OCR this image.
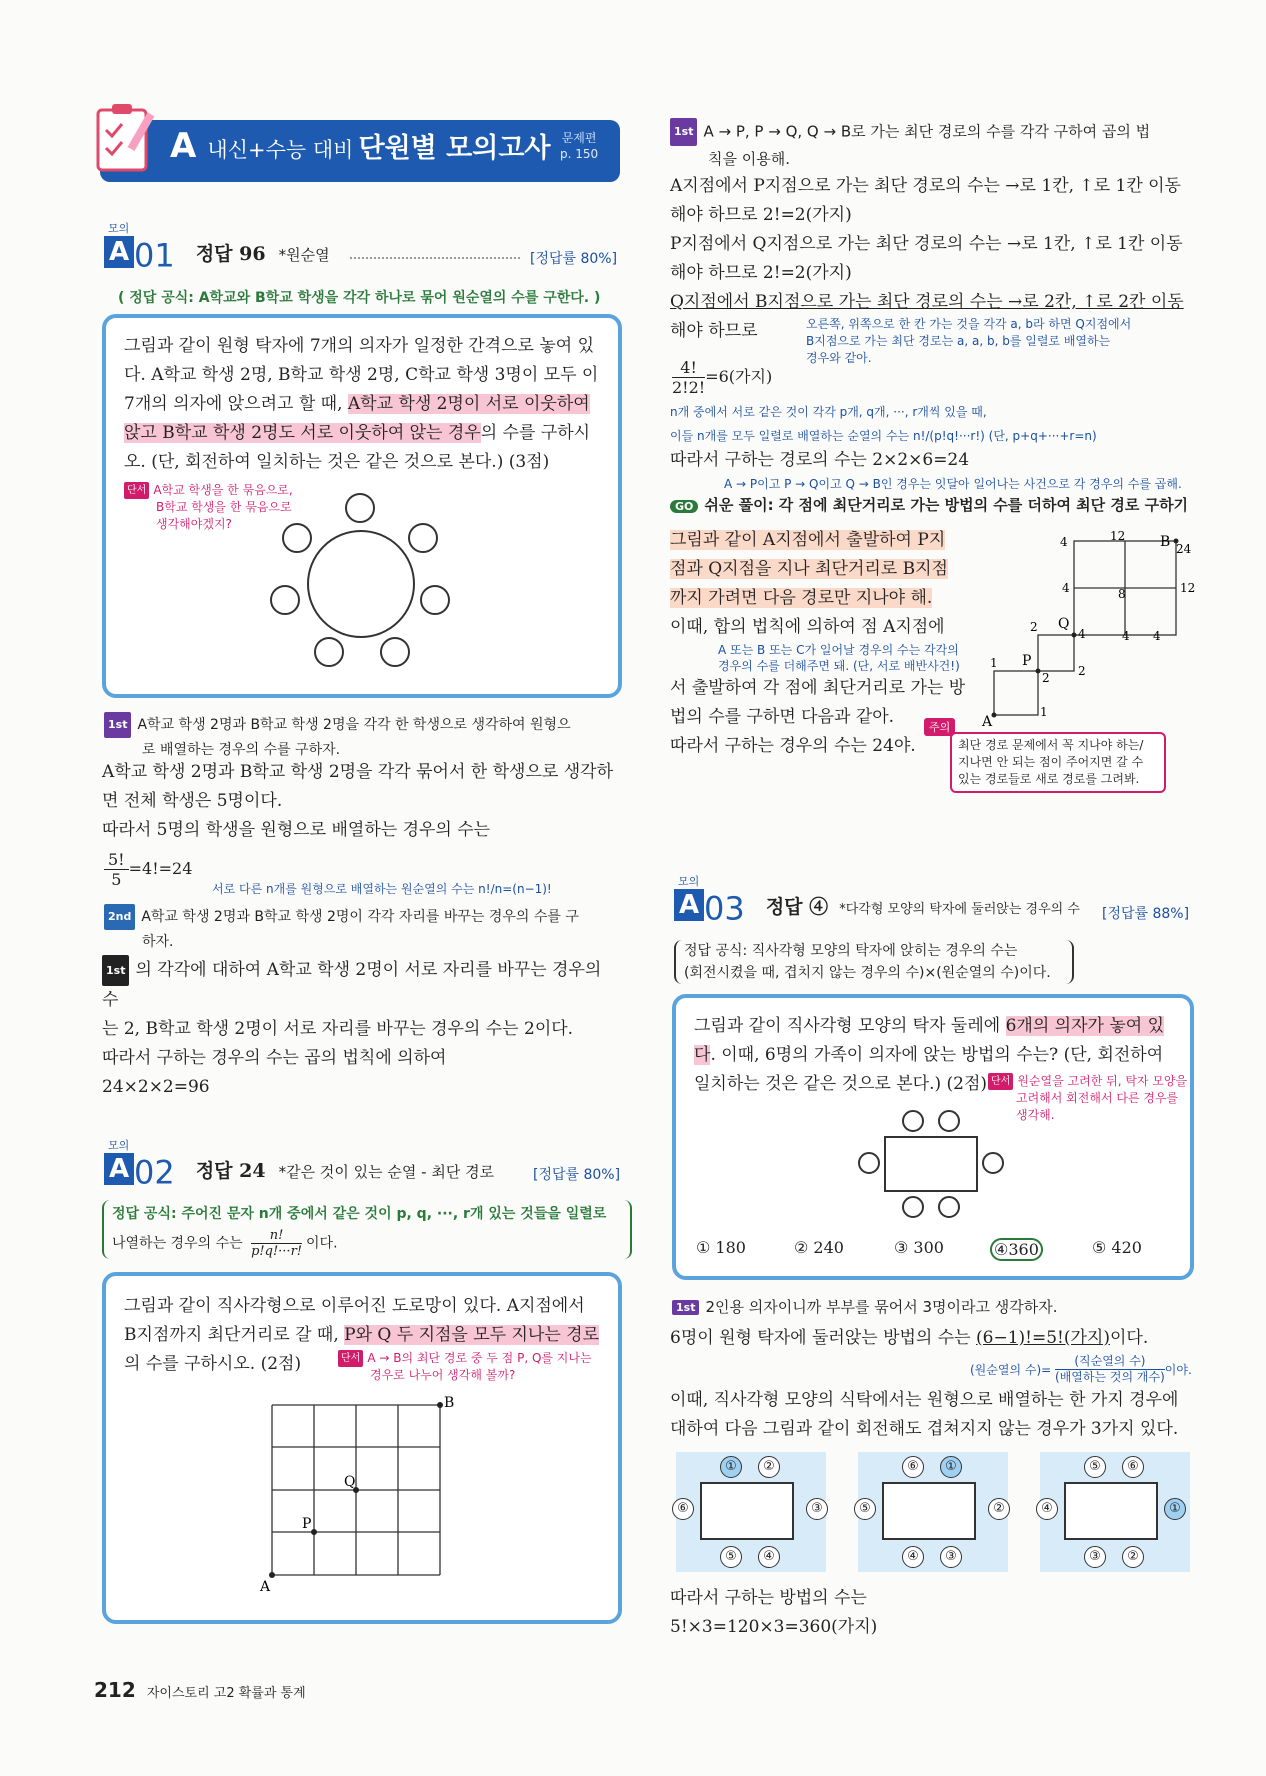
A 내신+수능 대비 단원별 모의고사 문제편
p. 150
모의
A 01 정답 96 *원순열	[정답률 80%]
( 정답 공식: A학교와 B학교 학생을 각각 하나로 묶어 원순열의 수를 구한다. )
그림과 같이 원형 탁자에 7개의 의자가 일정한 간격으로 놓여 있
다. A학교 학생 2명, B학교 학생 2명, C학교 학생 3명이 모두 이
7개의 의자에 앉으려고 할 때, A학교 학생 2명이 서로 이웃하여
앉고 B학교 학생 2명도 서로 이웃하여 앉는 경우의 수를 구하시
오. (단, 회전하여 일치하는 것은 같은 것으로 본다.) (3점)
단서 A학교 학생을 한 묶음으로,
B학교 학생을 한 묶음으로
생각해야겠지?
1st A학교 학생 2명과 B학교 학생 2명을 각각 한 학생으로 생각하여 원형으
로 배열하는 경우의 수를 구하자.
A학교 학생 2명과 B학교 학생 2명을 각각 묶어서 한 학생으로 생각하
면 전체 학생은 5명이다.
따라서 5명의 학생을 원형으로 배열하는 경우의 수는
$\frac{5!}{5} =4!=24$
서로 다른 n개를 원형으로 배열하는 원순열의 수는 n!/n=(n−1)!
2nd A학교 학생 2명과 B학교 학생 2명이 각각 자리를 바꾸는 경우의 수를 구
하자.
1st 의 각각에 대하여 A학교 학생 2명이 서로 자리를 바꾸는 경우의 수
는 2, B학교 학생 2명이 서로 자리를 바꾸는 경우의 수는 2이다.
따라서 구하는 경우의 수는 곱의 법칙에 의하여
24×2×2=96
모의
A 02 정답 24 *같은 것이 있는 순열 - 최단 경로	[정답률 80%]
정답 공식: 주어진 문자 n개 중에서 같은 것이 p, q, ···, r개 있는 것들을 일렬로
나열하는 경우의 수는 $\frac{n!}{p!q!\cdot\cdot\cdot r!}$ 이다.
그림과 같이 직사각형으로 이루어진 도로망이 있다. A지점에서
B지점까지 최단거리로 갈 때, P와 Q 두 지점을 모두 지나는 경로
의 수를 구하시오. (2점)	단서 A → B의 최단 경로 중 두 점 P, Q를 지나는
경우로 나누어 생각해 볼까?
A
B
P
Q
1st A → P, P → Q, Q → B로 가는 최단 경로의 수를 각각 구하여 곱의 법
칙을 이용해.
A지점에서 P지점으로 가는 최단 경로의 수는 →로 1칸, ↑로 1칸 이동
해야 하므로 2!=2(가지)
P지점에서 Q지점으로 가는 최단 경로의 수는 →로 1칸, ↑로 1칸 이동
해야 하므로 2!=2(가지)
Q지점에서 B지점으로 가는 최단 경로의 수는 →로 2칸, ↑로 2칸 이동
해야 하므로	오른쪽, 위쪽으로 한 칸 가는 것을 각각 a, b라 하면 Q지점에서
B지점으로 가는 최단 경로는 a, a, b, b를 일렬로 배열하는
경우와 같아.
$\frac{4!}{2!2!} =6$(가지)
n개 중에서 서로 같은 것이 각각 p개, q개, ···, r개씩 있을 때,
이들 n개를 모두 일렬로 배열하는 순열의 수는 n!/(p!q!···r!) (단, p+q+···+r=n)
따라서 구하는 경로의 수는 2×2×6=24
A → P이고 P → Q이고 Q → B인 경우는 잇달아 일어나는 사건으로 각 경우의 수를 곱해.
GO 쉬운 풀이: 각 점에 최단거리로 가는 방법의 수를 더하여 최단 경로 구하기
그림과 같이 A지점에서 출발하여 P지
점과 Q지점을 지나 최단거리로 B지점
까지 가려면 다음 경로만 지나야 해.
이때, 합의 법칙에 의하여 점 A지점에
A 또는 B 또는 C가 일어날 경우의 수는 각각의
경우의 수를 더해주면 돼. (단, 서로 배반사건!)
서 출발하여 각 점에 최단거리로 가는 방
법의 수를 구하면 다음과 같아.
따라서 구하는 경우의 수는 24야.
4	12
24
4	8	12
2	4	4 4
1
2
2
1
B
Q
P
A
주의
최단 경로 문제에서 꼭 지나야 하는/
지나면 안 되는 점이 주어지면 갈 수
있는 경로들로 새로 경로를 그려봐.
모의
A 03 정답 ④ *다각형 모양의 탁자에 둘러앉는 경우의 수 [정답률 88%]
정답 공식: 직사각형 모양의 탁자에 앉히는 경우의 수는
(회전시켰을 때, 겹치지 않는 경우의 수)×(원순열의 수)이다.
그림과 같이 직사각형 모양의 탁자 둘레에 6개의 의자가 놓여 있
다. 이때, 6명의 가족이 의자에 앉는 방법의 수는? (단, 회전하여
일치하는 것은 같은 것으로 본다.) (2점) 단서 원순열을 고려한 뒤, 탁자 모양을
고려해서 회전해서 다른 경우를
생각해.
① 180	② 240	③ 300	④360	⑤ 420
1st 2인용 의자이니까 부부를 묶어서 3명이라고 생각하자.
6명이 원형 탁자에 둘러앉는 방법의 수는 (6−1)!=5!(가지)이다.
(원순열의 수)=
(직순열의 수)
(배열하는 것의 개수) 이야.
이때, 직사각형 모양의 식탁에서는 원형으로 배열하는 한 가지 경우에
대하여 다음 그림과 같이 회전해도 겹쳐지지 않는 경우가 3가지 있다.
①	②
③
④
⑤
⑥
⑥	①
②
③
④
⑤
⑤	⑥
①
②
③
④
따라서 구하는 방법의 수는
5!×3=120×3=360(가지)
212 자이스토리 고2 확률과 통계
